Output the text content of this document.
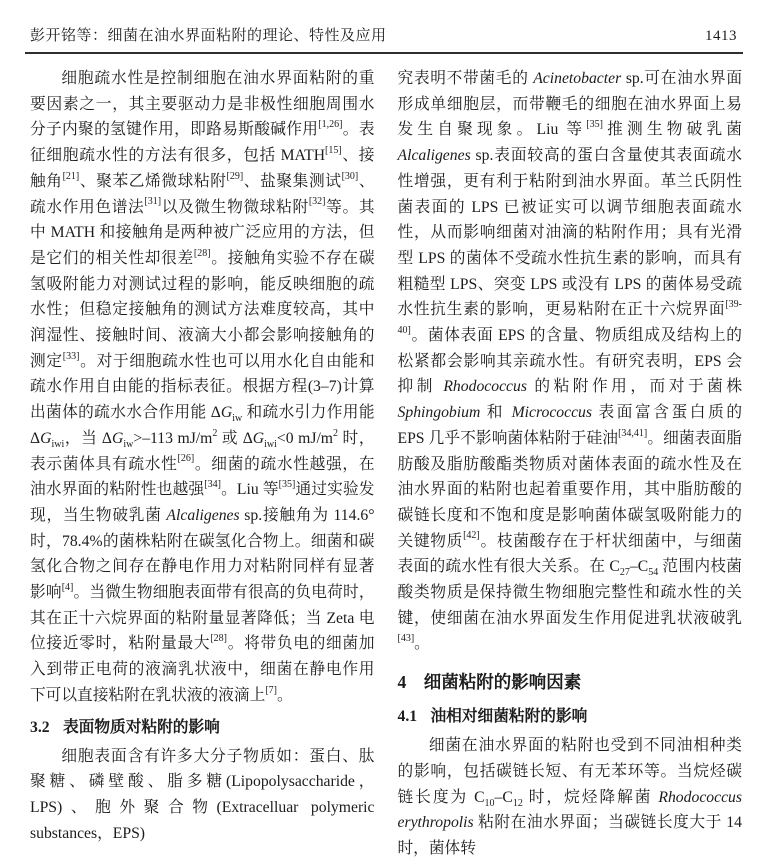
彭开铭等：细菌在油水界面粘附的理论、特性及应用	1413

细胞疏水性是控制细胞在油水界面粘附的重要因素之一，其主要驱动力是非极性细胞周围水分子内聚的氢键作用，即路易斯酸碱作用[1,26]。表征细胞疏水性的方法有很多，包括 MATH[15]、接触角[21]、聚苯乙烯微球粘附[29]、盐聚集测试[30]、疏水作用色谱法[31]以及微生物微球粘附[32]等。其中 MATH 和接触角是两种被广泛应用的方法，但是它们的相关性却很差[28]。接触角实验不存在碳氢吸附能力对测试过程的影响，能反映细胞的疏水性；但稳定接触角的测试方法难度较高，其中润湿性、接触时间、液滴大小都会影响接触角的测定[33]。对于细胞疏水性也可以用水化自由能和疏水作用自由能的指标表征。根据方程(3–7)计算出菌体的疏水水合作用能 $\Delta G_{iw}$ 和疏水引力作用能 $\Delta G_{iwi}$，当 $\Delta G_{iw}>-113$ $mJ/m^2$ 或 $\Delta G_{iwi}<0$ $mJ/m^2$ 时，表示菌体具有疏水性[26]。细菌的疏水性越强，在油水界面的粘附性也越强[34]。Liu 等[35]通过实验发现，当生物破乳菌 Alcaligenes sp.接触角为 114.6°时，78.4%的菌株粘附在碳氢化合物上。细菌和碳氢化合物之间存在静电作用力对粘附同样有显著影响[4]。当微生物细胞表面带有很高的负电荷时，其在正十六烷界面的粘附量显著降低；当 Zeta 电位接近零时，粘附量最大[28]。将带负电的细菌加入到带正电荷的液滴乳状液中，细菌在静电作用下可以直接粘附在乳状液的液滴上[7]。

3.2 表面物质对粘附的影响

细胞表面含有许多大分子物质如：蛋白、肽聚糖、磷壁酸、脂多糖(Lipopolysaccharide，LPS)、胞外聚合物(Extracelluar polymeric substances，EPS)

究表明不带菌毛的 Acinetobacter sp.可在油水界面形成单细胞层，而带鞭毛的细胞在油水界面上易发生自聚现象。Liu 等[35]推测生物破乳菌 Alcaligenes sp.表面较高的蛋白含量使其表面疏水性增强，更有利于粘附到油水界面。革兰氏阴性菌表面的 LPS 已被证实可以调节细胞表面疏水性，从而影响细菌对油滴的粘附作用；具有光滑型 LPS 的菌体不受疏水性抗生素的影响，而具有粗糙型 LPS、突变 LPS 或没有 LPS 的菌体易受疏水性抗生素的影响，更易粘附在正十六烷界面[39-40]。菌体表面 EPS 的含量、物质组成及结构上的松紧都会影响其亲疏水性。有研究表明，EPS 会抑制 Rhodococcus 的粘附作用，而对于菌株 Sphingobium 和 Micrococcus 表面富含蛋白质的 EPS 几乎不影响菌体粘附于硅油[34,41]。细菌表面脂肪酸及脂肪酸酯类物质对菌体表面的疏水性及在油水界面的粘附也起着重要作用，其中脂肪酸的碳链长度和不饱和度是影响菌体碳氢吸附能力的关键物质[42]。枝菌酸存在于杆状细菌中，与细菌表面的疏水性有很大关系。在 $C_{27}-C_{54}$ 范围内枝菌酸类物质是保持微生物细胞完整性和疏水性的关键，使细菌在油水界面发生作用促进乳状液破乳[43]。

4 细菌粘附的影响因素
4.1 油相对细菌粘附的影响

细菌在油水界面的粘附也受到不同油相种类的影响，包括碳链长短、有无苯环等。当烷烃碳链长度为 $C_{10}-C_{12}$ 时，烷烃降解菌 Rhodococcus erythropolis 粘附在油水界面；当碳链长度大于 14 时，菌体转
